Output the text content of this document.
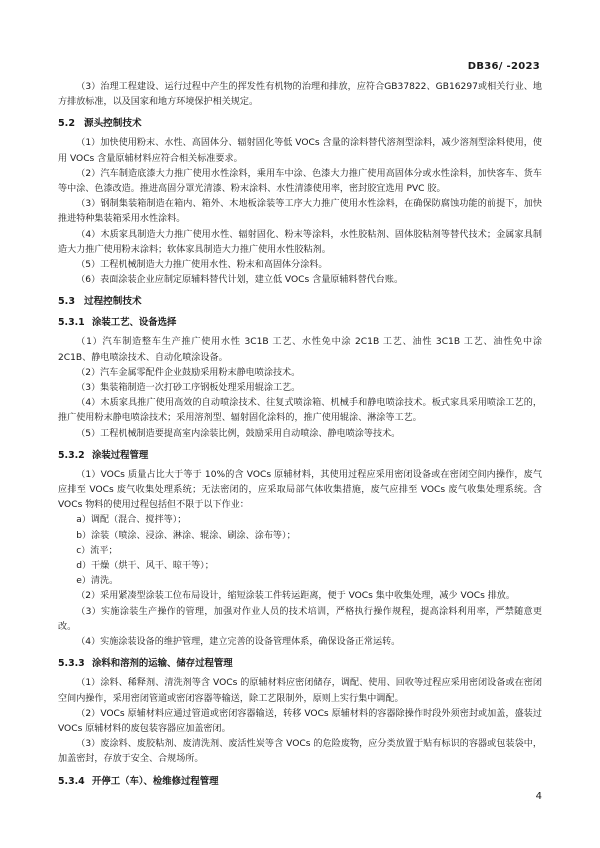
DB36/ -2023

（3）治理工程建设、运行过程中产生的挥发性有机物的治理和排放，应符合GB37822、GB16297或相关行业、地方排放标准，以及国家和地方环境保护相关规定。

5.2 源头控制技术

（1）加快使用粉末、水性、高固体分、辐射固化等低 VOCs 含量的涂料替代溶剂型涂料，减少溶剂型涂料使用，使用 VOCs 含量原辅材料应符合相关标准要求。

（2）汽车制造底漆大力推广使用水性涂料，乘用车中涂、色漆大力推广使用高固体分或水性涂料，加快客车、货车等中涂、色漆改造。推进高固分罩光清漆、粉末涂料、水性清漆使用率，密封胶宜选用 PVC 胶。

（3）钢制集装箱制造在箱内、箱外、木地板涂装等工序大力推广使用水性涂料，在确保防腐蚀功能的前提下，加快推进特种集装箱采用水性涂料。

（4）木质家具制造大力推广使用水性、辐射固化、粉末等涂料，水性胶粘剂、固体胶粘剂等替代技术；金属家具制造大力推广使用粉末涂料；软体家具制造大力推广使用水性胶粘剂。

（5）工程机械制造大力推广使用水性、粉末和高固体分涂料。

（6）表面涂装企业应制定原辅料替代计划，建立低 VOCs 含量原辅料替代台账。

5.3 过程控制技术
5.3.1 涂装工艺、设备选择

（1）汽车制造整车生产推广使用水性 3C1B 工艺、水性免中涂 2C1B 工艺、油性 3C1B 工艺、油性免中涂 2C1B、静电喷涂技术、自动化喷涂设备。

（2）汽车金属零配件企业鼓励采用粉末静电喷涂技术。

（3）集装箱制造一次打砂工序钢板处理采用辊涂工艺。

（4）木质家具推广使用高效的自动喷涂技术、往复式喷涂箱、机械手和静电喷涂技术。板式家具采用喷涂工艺的，推广使用粉末静电喷涂技术；采用溶剂型、辐射固化涂料的，推广使用辊涂、淋涂等工艺。

（5）工程机械制造要提高室内涂装比例，鼓励采用自动喷涂、静电喷涂等技术。

5.3.2 涂装过程管理

（1）VOCs 质量占比大于等于 10%的含 VOCs 原辅材料，其使用过程应采用密闭设备或在密闭空间内操作，废气应排至 VOCs 废气收集处理系统；无法密闭的，应采取局部气体收集措施，废气应排至 VOCs 废气收集处理系统。含 VOCs 物料的使用过程包括但不限于以下作业：

a）调配（混合、搅拌等）；

b）涂装（喷涂、浸涂、淋涂、辊涂、刷涂、涂布等）；

c）流平；

d）干燥（烘干、风干、晾干等）；

e）清洗。

（2）采用紧凑型涂装工位布局设计，缩短涂装工件转运距离，便于 VOCs 集中收集处理，减少 VOCs 排放。

（3）实施涂装生产操作的管理，加强对作业人员的技术培训，严格执行操作规程，提高涂料利用率，严禁随意更改。

（4）实施涂装设备的维护管理，建立完善的设备管理体系，确保设备正常运转。

5.3.3 涂料和溶剂的运输、储存过程管理

（1）涂料、稀释剂、清洗剂等含 VOCs 的原辅材料应密闭储存，调配、使用、回收等过程应采用密闭设备或在密闭空间内操作，采用密闭管道或密闭容器等输送，除工艺限制外，原则上实行集中调配。

（2）VOCs 原辅材料应通过管道或密闭容器输送，转移 VOCs 原辅材料的容器除操作时段外须密封或加盖，盛装过 VOCs 原辅材料的废包装容器应加盖密闭。

（3）废涂料、废胶粘剂、废清洗剂、废活性炭等含 VOCs 的危险废物，应分类放置于贴有标识的容器或包装袋中，加盖密封，存放于安全、合规场所。

5.3.4 开停工（车）、检维修过程管理
4
